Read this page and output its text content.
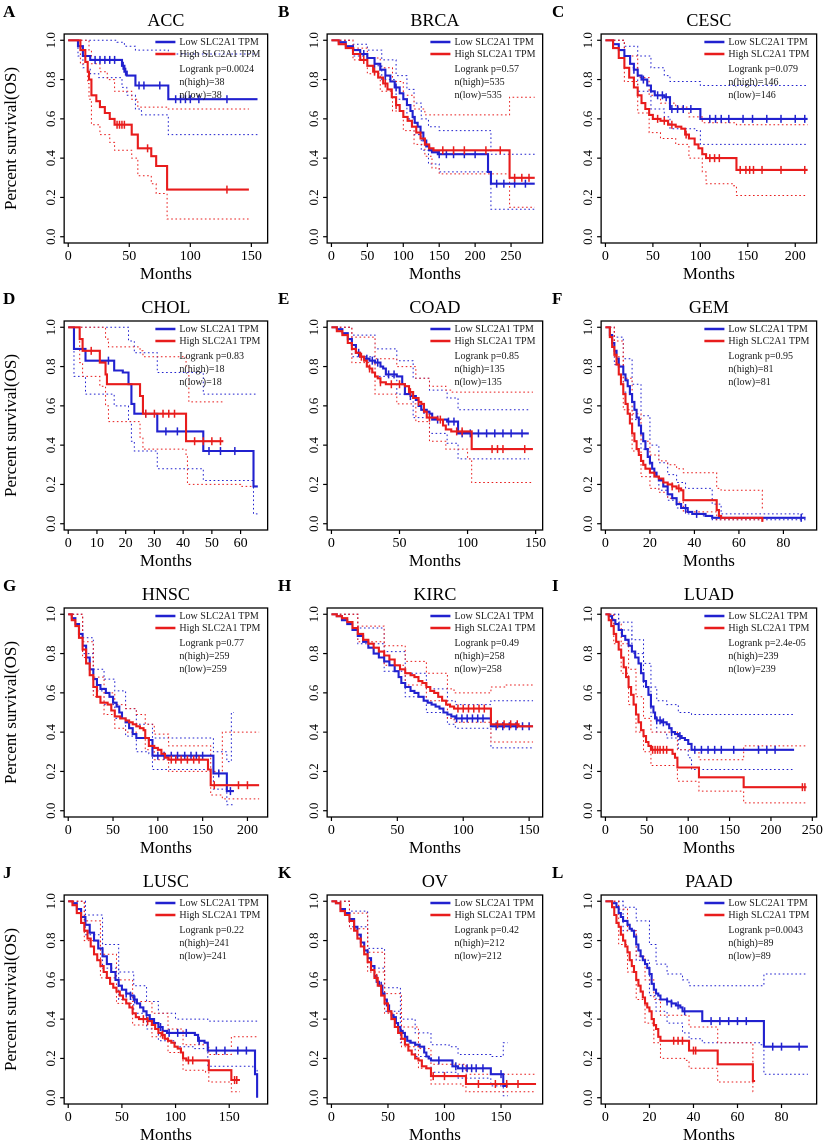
A	ACC
0.0
0.2
0.4
0.6
0.8
1.0
0	50	100	150
Months
Percent survival(OS)
Low SLC2A1 TPM
High SLC2A1 TPM
Logrank p=0.0024
n(high)=38
n(low)=38
B	BRCA
0.0
0.2
0.4
0.6
0.8
1.0
0 50 100 150 200 250
Months
Low SLC2A1 TPM
High SLC2A1 TPM
Logrank p=0.57
n(high)=535
n(low)=535
C	CESC
0.0
0.2
0.4
0.6
0.8
1.0
0	50 100 150 200
Months
Low SLC2A1 TPM
High SLC2A1 TPM
Logrank p=0.079
n(high)=146
n(low)=146
D	CHOL
0.0
0.2
0.4
0.6
0.8
1.0
0 10 20 30 40 50 60
Months
Percent survival(OS)
Low SLC2A1 TPM
High SLC2A1 TPM
Logrank p=0.83
n(high)=18
n(low)=18
E	COAD
0.0
0.2
0.4
0.6
0.8
1.0
0	50	100	150
Months
Low SLC2A1 TPM
High SLC2A1 TPM
Logrank p=0.85
n(high)=135
n(low)=135
F	GEM
0.0
0.2
0.4
0.6
0.8
1.0
0 20 40 60 80
Months
Low SLC2A1 TPM
High SLC2A1 TPM
Logrank p=0.95
n(high)=81
n(low)=81
G	HNSC
0.0
0.2
0.4
0.6
0.8
1.0
0 50 100 150 200
Months
Percent survival(OS)
Low SLC2A1 TPM
High SLC2A1 TPM
Logrank p=0.77
n(high)=259
n(low)=259
H	KIRC
0.0
0.2
0.4
0.6
0.8
1.0
0	50	100	150
Months
Low SLC2A1 TPM
High SLC2A1 TPM
Logrank p=0.49
n(high)=258
n(low)=258
I	LUAD
0.0
0.2
0.4
0.6
0.8
1.0
0 50 100 150 200 250
Months
Low SLC2A1 TPM
High SLC2A1 TPM
Logrank p=2.4e-05
n(high)=239
n(low)=239
J	LUSC
0.0
0.2
0.4
0.6
0.8
1.0
0	50	100 150
Months
Percent survival(OS)
Low SLC2A1 TPM
High SLC2A1 TPM
Logrank p=0.22
n(high)=241
n(low)=241
K	OV
0.0
0.2
0.4
0.6
0.8
1.0
0	50	100	150
Months
Low SLC2A1 TPM
High SLC2A1 TPM
Logrank p=0.42
n(high)=212
n(low)=212
L	PAAD
0.0
0.2
0.4
0.6
0.8
1.0
0 20 40 60 80
Months
Low SLC2A1 TPM
High SLC2A1 TPM
Logrank p=0.0043
n(high)=89
n(low)=89
